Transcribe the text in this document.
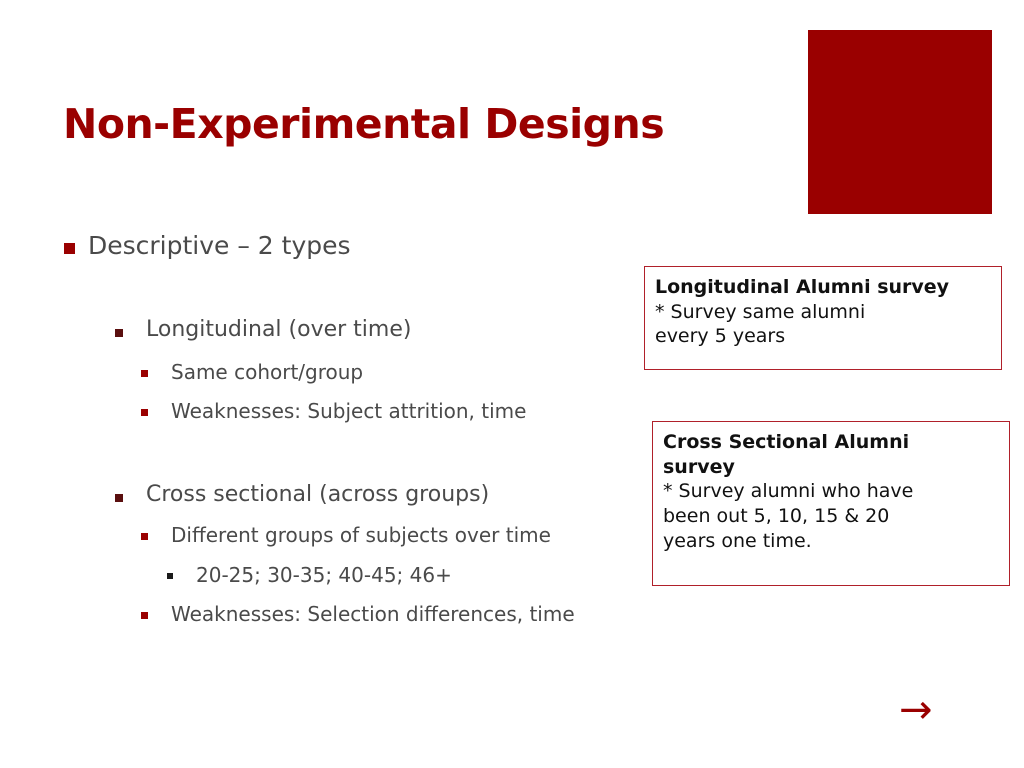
Non-Experimental Designs
Descriptive – 2 types
Longitudinal (over time)
Same cohort/group
Weaknesses: Subject attrition, time
Cross sectional (across groups)
Different groups of subjects over time
20-25; 30-35; 40-45; 46+
Weaknesses: Selection differences, time
Longitudinal Alumni survey
* Survey same alumni
every 5 years
Cross Sectional Alumni
survey
* Survey alumni who have
been out 5, 10, 15 & 20
years one time.
→
